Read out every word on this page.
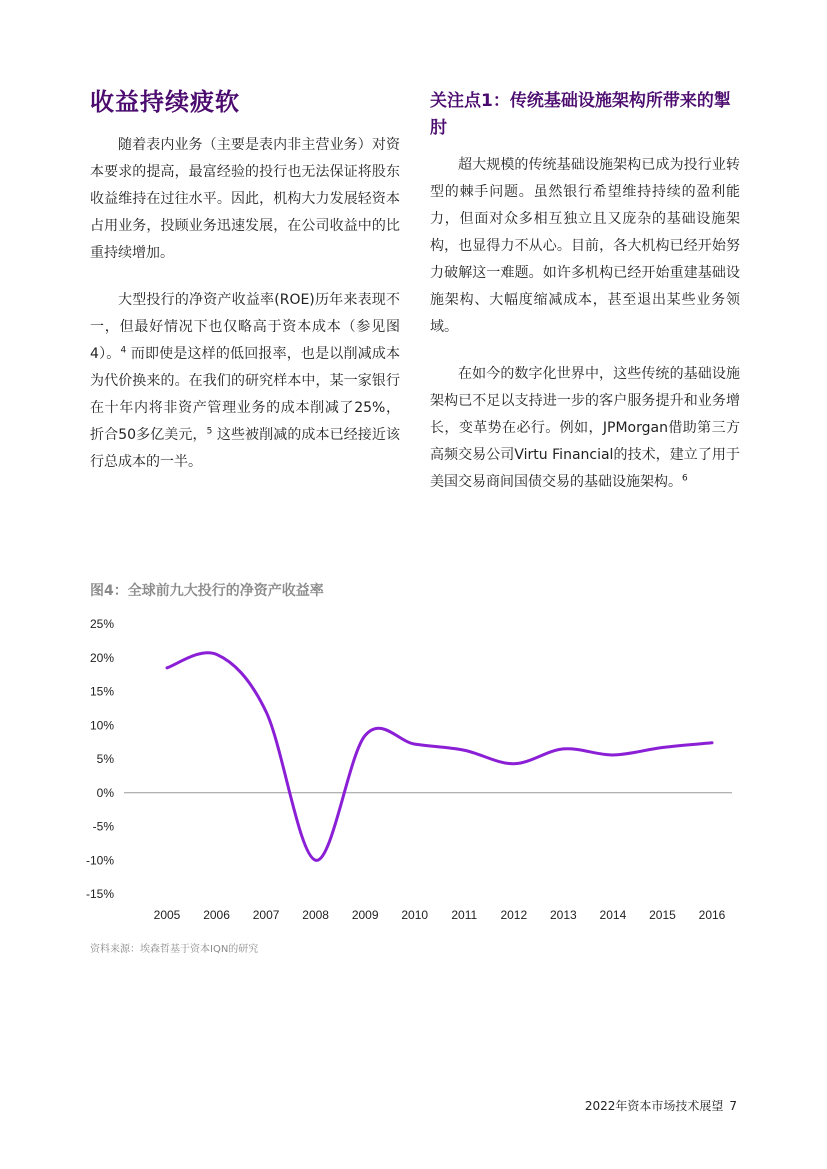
收益持续疲软

随着表内业务（主要是表内非主营业务）对资本要求的提高，最富经验的投行也无法保证将股东收益维持在过往水平。因此，机构大力发展轻资本占用业务，投顾业务迅速发展，在公司收益中的比重持续增加。

大型投行的净资产收益率(ROE)历年来表现不一，但最好情况下也仅略高于资本成本（参见图4）。$^4$ 而即使是这样的低回报率，也是以削减成本为代价换来的。在我们的研究样本中，某一家银行在十年内将非资产管理业务的成本削减了25%，折合50多亿美元，$^5$ 这些被削减的成本已经接近该行总成本的一半。

关注点1：传统基础设施架构所带来的掣肘

超大规模的传统基础设施架构已成为投行业转型的棘手问题。虽然银行希望维持持续的盈利能力，但面对众多相互独立且又庞杂的基础设施架构，也显得力不从心。目前，各大机构已经开始努力破解这一难题。如许多机构已经开始重建基础设施架构、大幅度缩减成本，甚至退出某些业务领域。

在如今的数字化世界中，这些传统的基础设施架构已不足以支持进一步的客户服务提升和业务增长，变革势在必行。例如，JPMorgan借助第三方高频交易公司Virtu Financial的技术，建立了用于美国交易商间国债交易的基础设施架构。$^6$

图4：全球前九大投行的净资产收益率
25%
20%
15%
10%
5%
0%
-5%
-10%
-15%
2005 2006 2007 2008 2009 2010 2011 2012 2013 2014 2015 2016
资料来源：埃森哲基于资本IQN的研究
2022年资本市场技术展望 7
